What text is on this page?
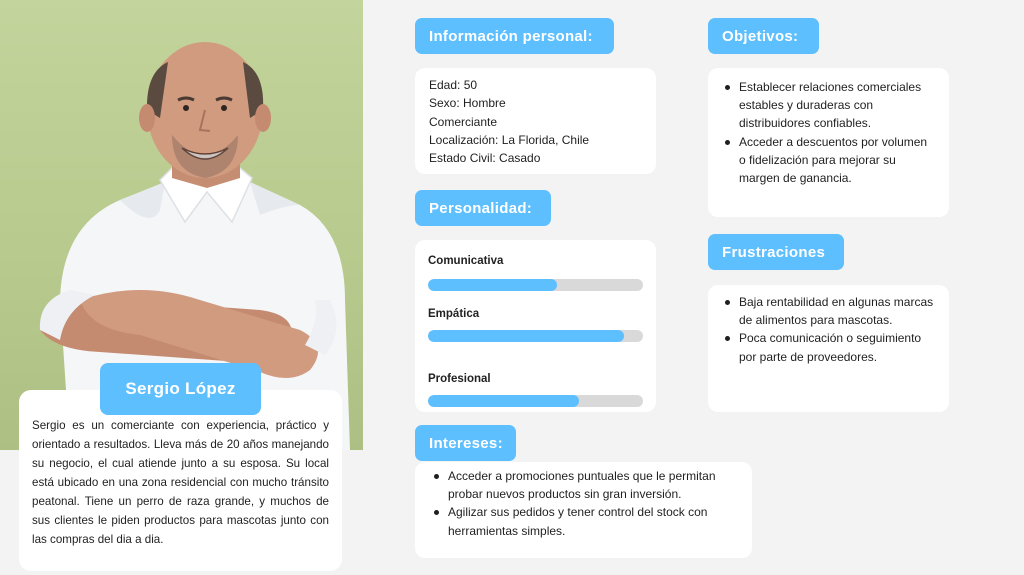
Sergio López

Sergio es un comerciante con experiencia, práctico y orientado a resultados. Lleva más de 20 años manejando su negocio, el cual atiende junto a su esposa. Su local está ubicado en una zona residencial con mucho tránsito peatonal. Tiene un perro de raza grande, y muchos de sus clientes le piden productos para mascotas junto con las compras del dia a dia.

Información personal:
Edad: 50
Sexo: Hombre
Comerciante
Localización: La Florida, Chile
Estado Civil: Casado
Personalidad:
Comunicativa
Empática
Profesional
Intereses:
Acceder a promociones puntuales que le permitan probar nuevos productos sin gran inversión.
Agilizar sus pedidos y tener control del stock con herramientas simples.
Objetivos:
Establecer relaciones comerciales estables y duraderas con distribuidores confiables.
Acceder a descuentos por volumen o fidelización para mejorar su margen de ganancia.
Frustraciones
Baja rentabilidad en algunas marcas de alimentos para mascotas.
Poca comunicación o seguimiento por parte de proveedores.
